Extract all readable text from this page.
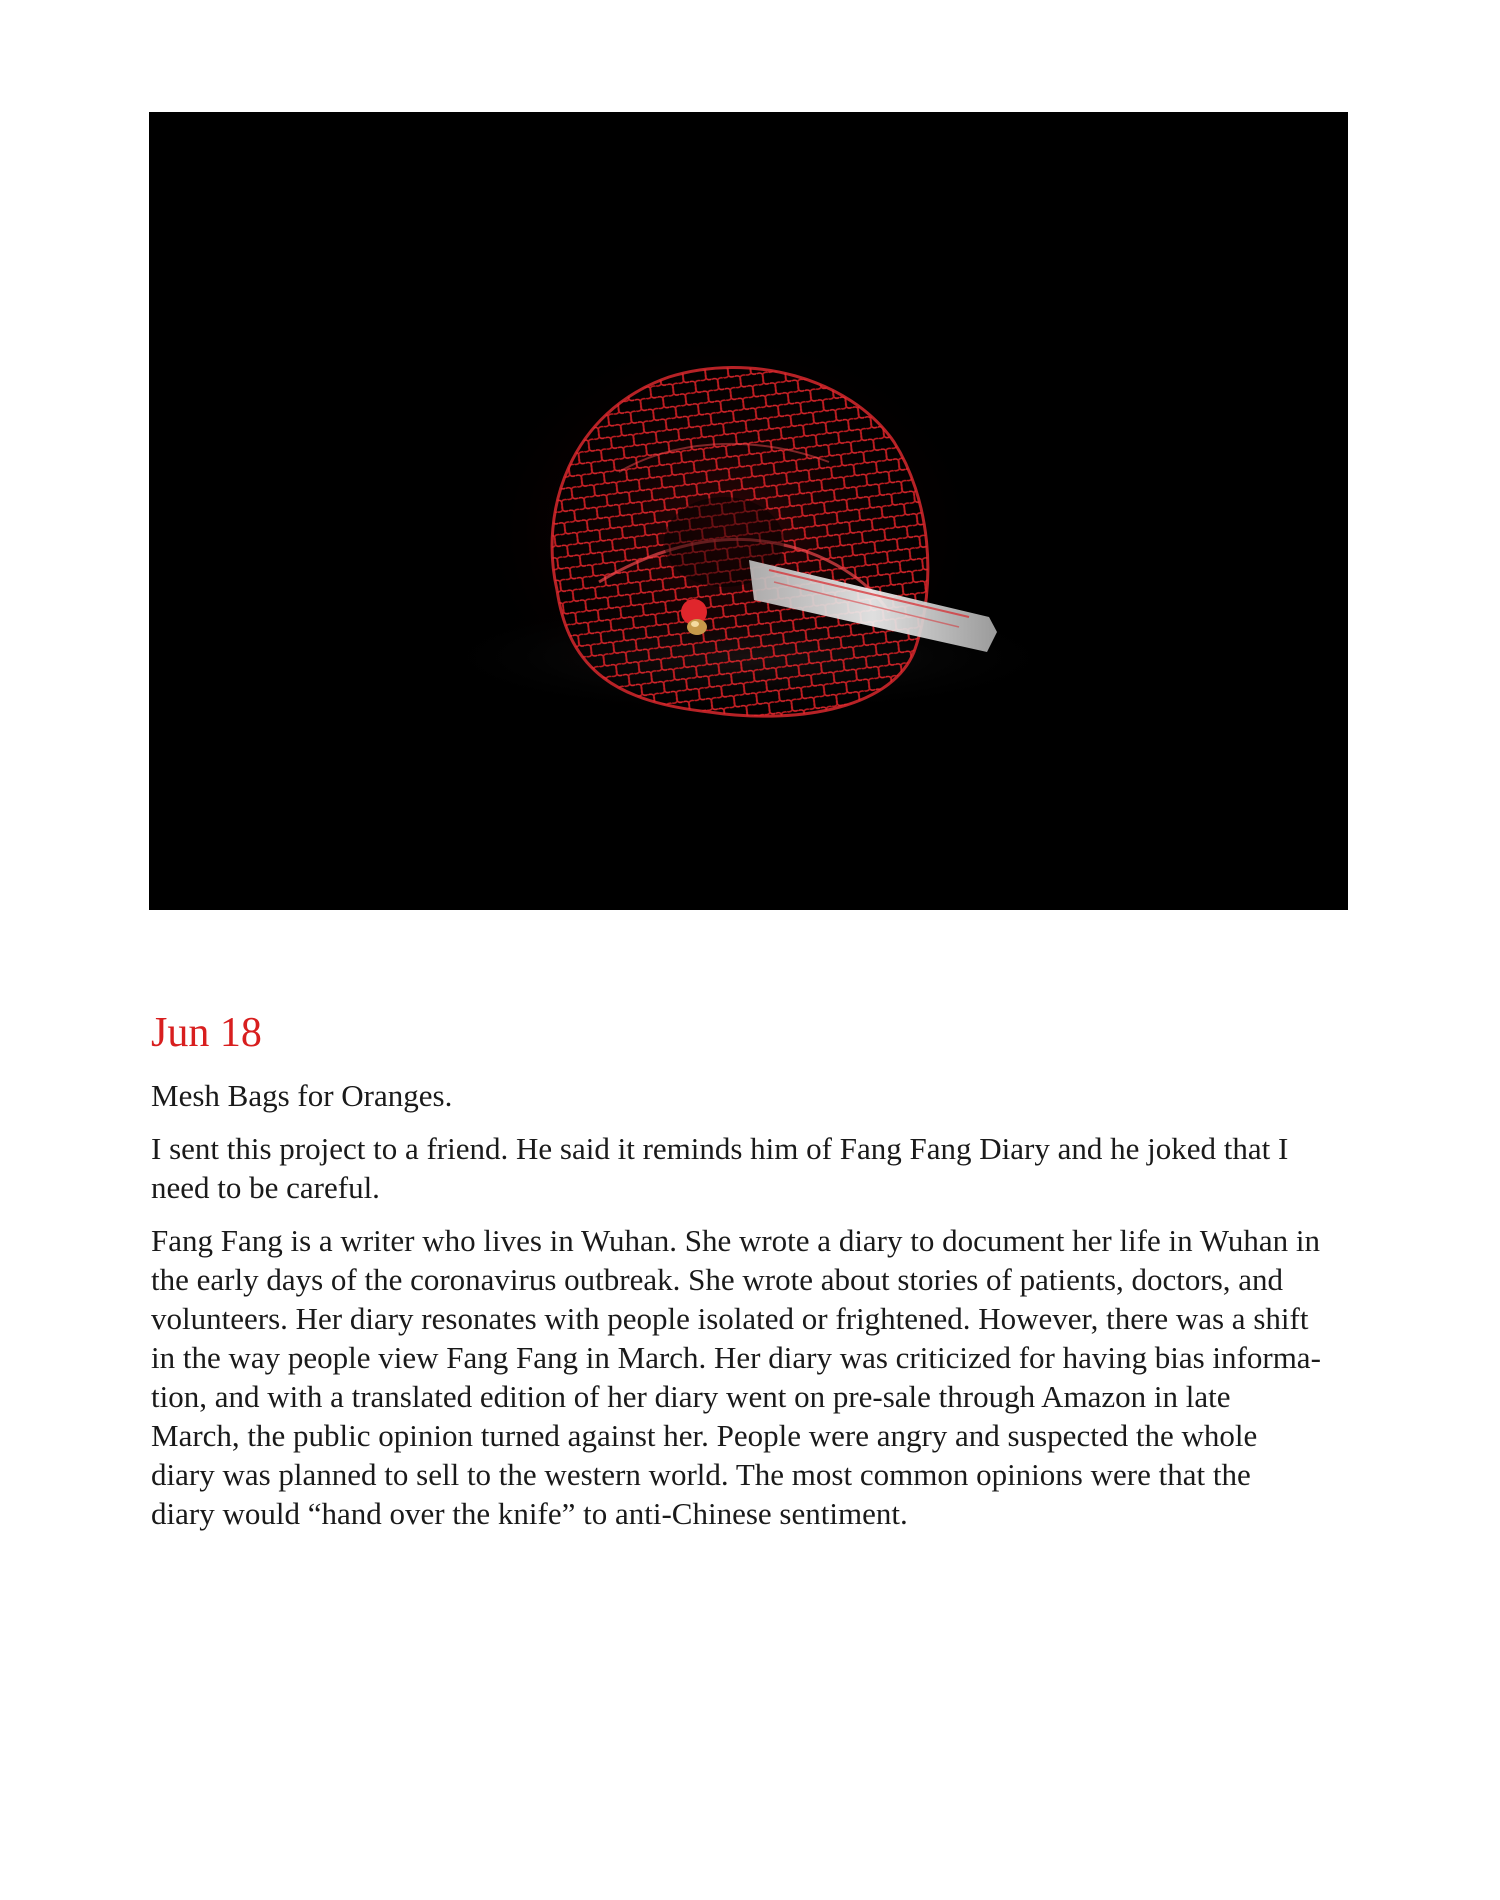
Jun 18

Mesh Bags for Oranges.

I sent this project to a friend. He said it reminds him of Fang Fang Diary and he joked that I need to be careful.

Fang Fang is a writer who lives in Wuhan. She wrote a diary to document her life in Wuhan in the early days of the coronavirus outbreak. She wrote about stories of patients, doctors, and volunteers. Her diary resonates with people isolated or frightened. However, there was a shift in the way people view Fang Fang in March. Her diary was criticized for having bias informa-tion, and with a translated edition of her diary went on pre-sale through Amazon in late March, the public opinion turned against her. People were angry and suspected the whole diary was planned to sell to the western world. The most common opinions were that the diary would “hand over the knife” to anti-Chinese sentiment.
